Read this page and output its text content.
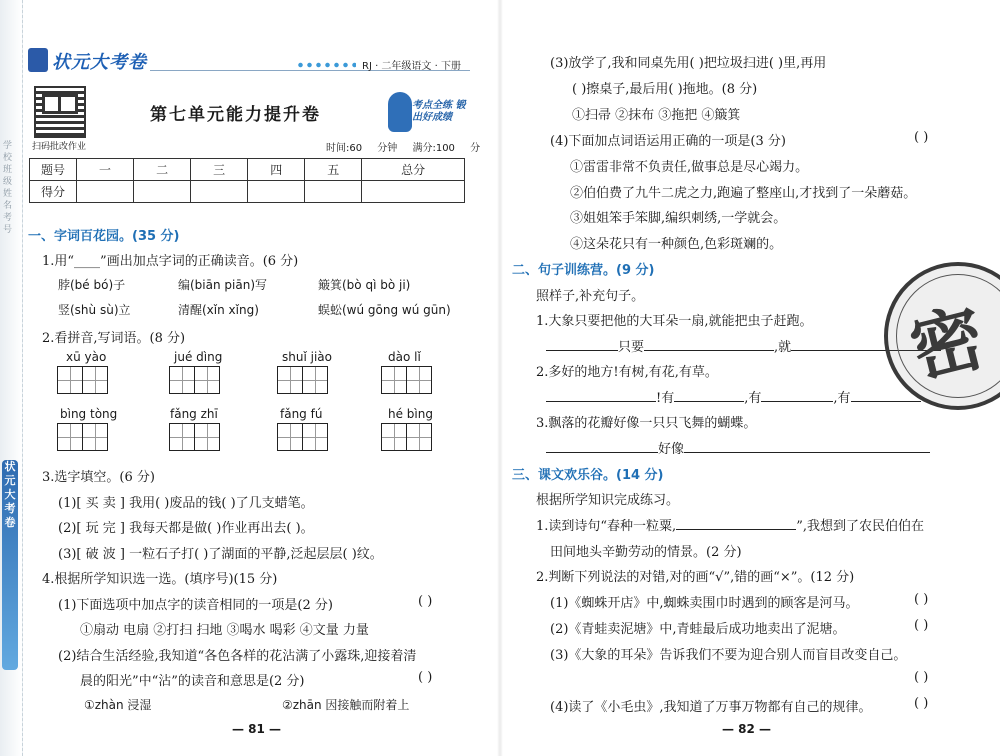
学校 班级 姓名 考号
状元大考卷
状元大考卷	RJ · 二年级语文 · 下册
扫码批改作业
第七单元能力提升卷	考点全练 锻出好成绩
时间:60 分钟 满分:100 分
题号	一	二	三	四	五	总分
得分						
一、字词百花园。(35 分)
1.用“____”画出加点字词的正确读音。(6 分)
脖(bé bó)子	编(biān piān)写	簸箕(bò qì bò ji)
竖(shù sù)立	清醒(xǐn xǐng)	蜈蚣(wú gōng wú gūn)
2.看拼音,写词语。(8 分)
xū yào	jué dìng	shuǐ jiào	dào lǐ
bìng tòng	fǎng zhī	fǎng fú	hé bìng
3.选字填空。(6 分)
(1)[ 买 卖 ] 我用( )废品的钱( )了几支蜡笔。
(2)[ 玩 完 ] 我每天都是做( )作业再出去( )。
(3)[ 破 波 ] 一粒石子打( )了湖面的平静,泛起层层( )纹。
4.根据所学知识选一选。(填序号)(15 分)
(1)下面选项中加点字的读音相同的一项是(2 分)	( )
①扇动 电扇 ②打扫 扫地 ③喝水 喝彩 ④文量 力量
(2)结合生活经验,我知道“各色各样的花沾满了小露珠,迎接着清
晨的阳光”中“沾”的读音和意思是(2 分)	( )
①zhàn 浸湿	②zhān 因接触而附着上
— 81 —
(3)放学了,我和同桌先用( )把垃圾扫进( )里,再用
( )擦桌子,最后用( )拖地。(8 分)
①扫帚 ②抹布 ③拖把 ④簸箕
(4)下面加点词语运用正确的一项是(3 分)	( )
①雷雷非常不负责任,做事总是尽心竭力。
②伯伯费了九牛二虎之力,跑遍了整座山,才找到了一朵蘑菇。
③姐姐笨手笨脚,编织刺绣,一学就会。
④这朵花只有一种颜色,色彩斑斓的。
二、句子训练营。(9 分)
照样子,补充句子。
1.大象只要把他的大耳朵一扇,就能把虫子赶跑。
只要	,就
2.多好的地方!有树,有花,有草。
!有	,有	,有
3.飘落的花瓣好像一只只飞舞的蝴蝶。
好像
三、课文欢乐谷。(14 分)
根据所学知识完成练习。
1.读到诗句“春种一粒粟,	”,我想到了农民伯伯在
田间地头辛勤劳动的情景。(2 分)
2.判断下列说法的对错,对的画“√”,错的画“×”。(12 分)
(1)《蜘蛛开店》中,蜘蛛卖围巾时遇到的顾客是河马。	( )
(2)《青蛙卖泥塘》中,青蛙最后成功地卖出了泥塘。	( )
(3)《大象的耳朵》告诉我们不要为迎合别人而盲目改变自己。
( )
(4)读了《小毛虫》,我知道了万事万物都有自己的规律。	( )
— 82 —
密
